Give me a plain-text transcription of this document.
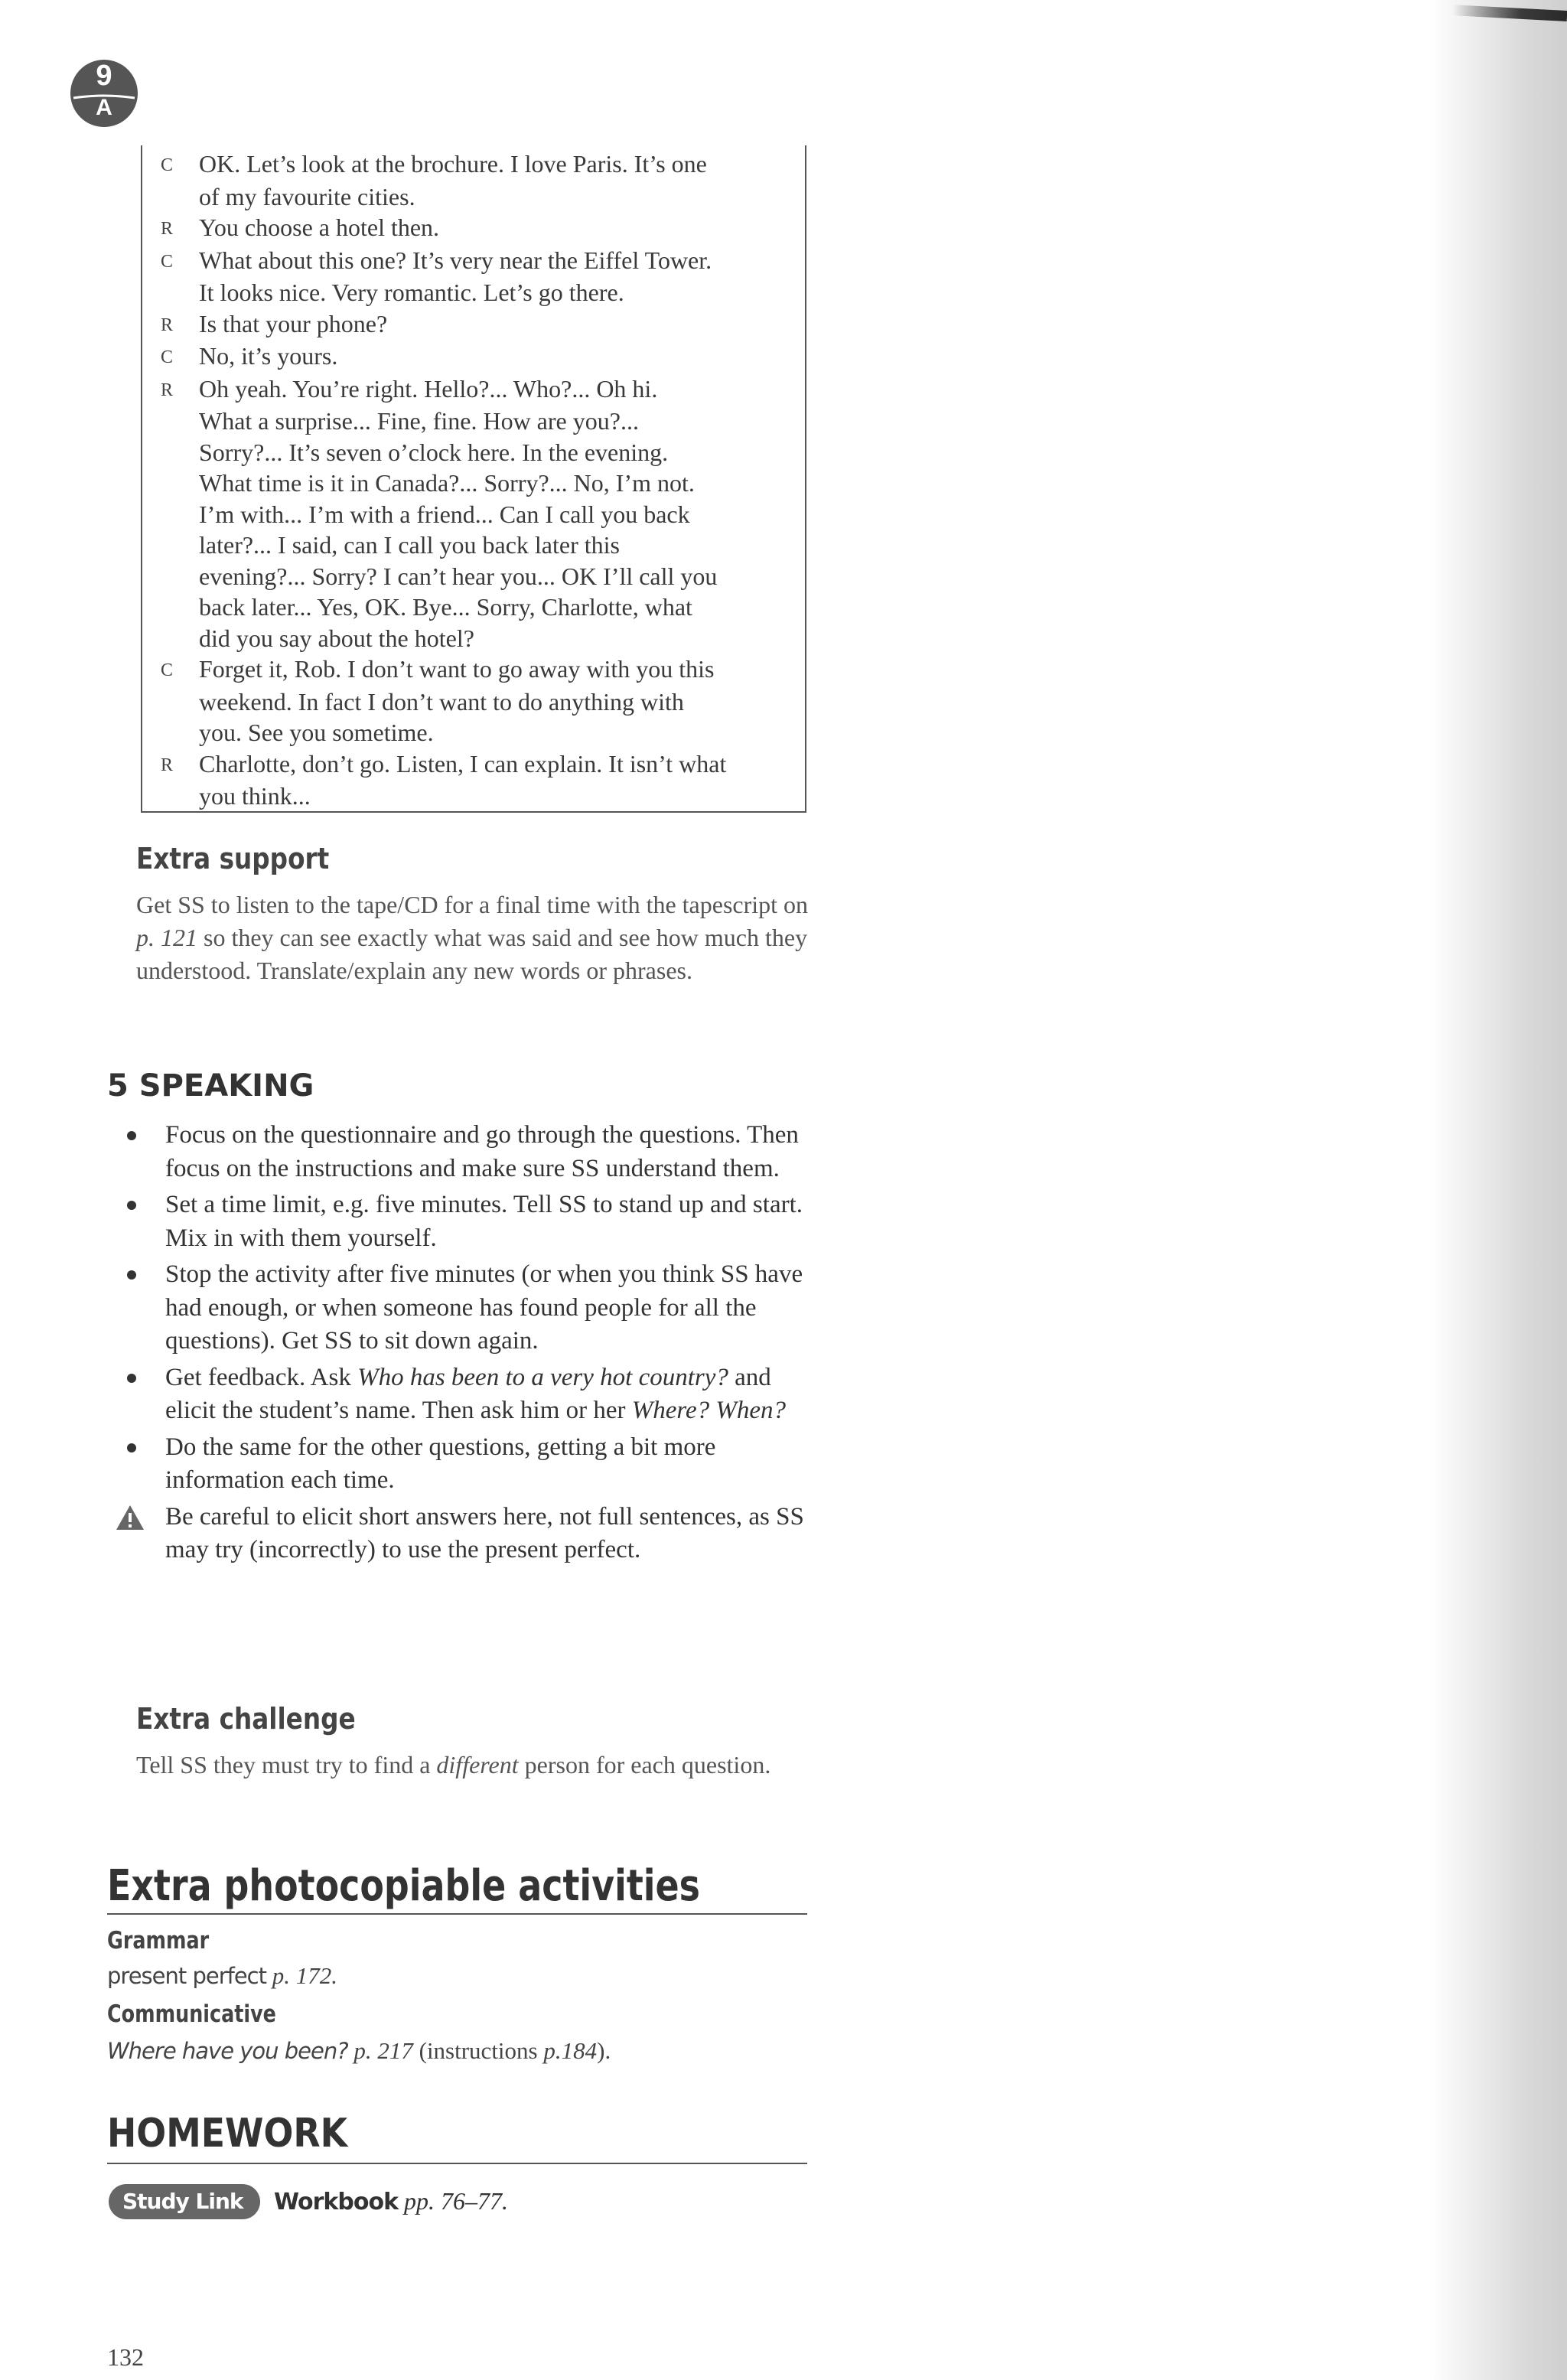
9
A
C	OK. Let’s look at the brochure. I love Paris. It’s one
of my favourite cities.
R	You choose a hotel then.
C	What about this one? It’s very near the Eiffel Tower.
It looks nice. Very romantic. Let’s go there.
R	Is that your phone?
C	No, it’s yours.
R	Oh yeah. You’re right. Hello?... Who?... Oh hi.
What a surprise... Fine, fine. How are you?...
Sorry?... It’s seven o’clock here. In the evening.
What time is it in Canada?... Sorry?... No, I’m not.
I’m with... I’m with a friend... Can I call you back
later?... I said, can I call you back later this
evening?... Sorry? I can’t hear you... OK I’ll call you
back later... Yes, OK. Bye... Sorry, Charlotte, what
did you say about the hotel?
C	Forget it, Rob. I don’t want to go away with you this
weekend. In fact I don’t want to do anything with
you. See you sometime.
R	Charlotte, don’t go. Listen, I can explain. It isn’t what
you think...
Extra support
Get SS to listen to the tape/CD for a final time with the tapescript on p. 121 so they can see exactly what was said and see how much they understood. Translate/explain any new words or phrases.
5 SPEAKING
Focus on the questionnaire and go through the questions. Then focus on the instructions and make sure SS understand them.
Set a time limit, e.g. five minutes. Tell SS to stand up and start. Mix in with them yourself.
Stop the activity after five minutes (or when you think SS have had enough, or when someone has found people for all the questions). Get SS to sit down again.
Get feedback. Ask Who has been to a very hot country? and elicit the student’s name. Then ask him or her Where? When?
Do the same for the other questions, getting a bit more information each time.
Be careful to elicit short answers here, not full sentences, as SS may try (incorrectly) to use the present perfect.
Extra challenge
Tell SS they must try to find a different person for each question.
Extra photocopiable activities
Grammar
present perfect p. 172.
Communicative
Where have you been? p. 217 (instructions p.184).
HOMEWORK
Study Link	Workbook pp. 76–77.
132
